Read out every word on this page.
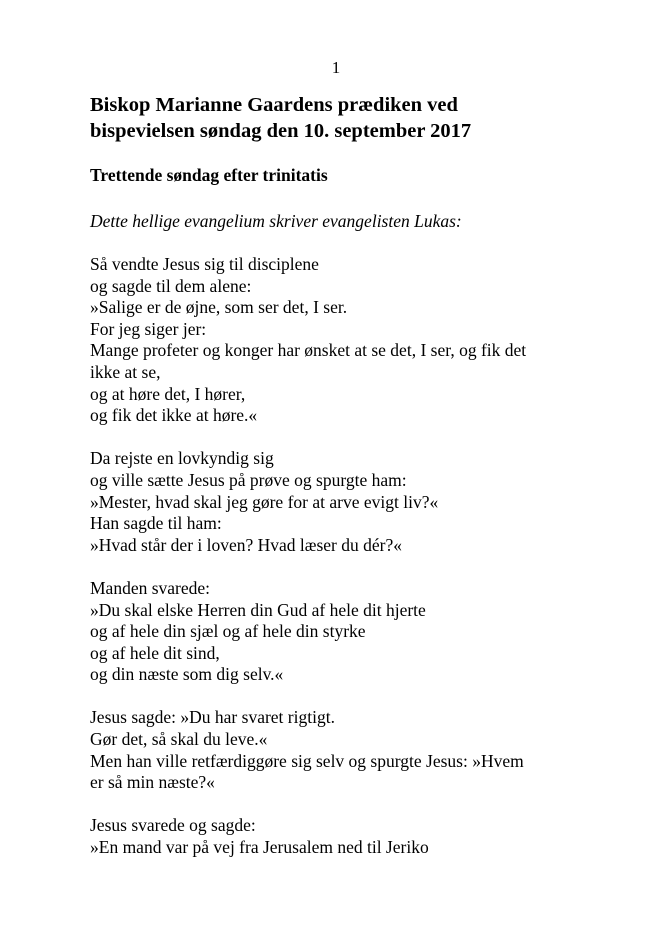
1
Biskop Marianne Gaardens prædiken ved
bispevielsen søndag den 10. september 2017
Trettende søndag efter trinitatis
Dette hellige evangelium skriver evangelisten Lukas:
Så vendte Jesus sig til disciplene
og sagde til dem alene:
»Salige er de øjne, som ser det, I ser.
For jeg siger jer:
Mange profeter og konger har ønsket at se det, I ser, og fik det
ikke at se,
og at høre det, I hører,
og fik det ikke at høre.«
Da rejste en lovkyndig sig
og ville sætte Jesus på prøve og spurgte ham:
»Mester, hvad skal jeg gøre for at arve evigt liv?«
Han sagde til ham:
»Hvad står der i loven? Hvad læser du dér?«
Manden svarede:
»Du skal elske Herren din Gud af hele dit hjerte
og af hele din sjæl og af hele din styrke
og af hele dit sind,
og din næste som dig selv.«
Jesus sagde: »Du har svaret rigtigt.
Gør det, så skal du leve.«
Men han ville retfærdiggøre sig selv og spurgte Jesus: »Hvem
er så min næste?«
Jesus svarede og sagde:
»En mand var på vej fra Jerusalem ned til Jeriko
